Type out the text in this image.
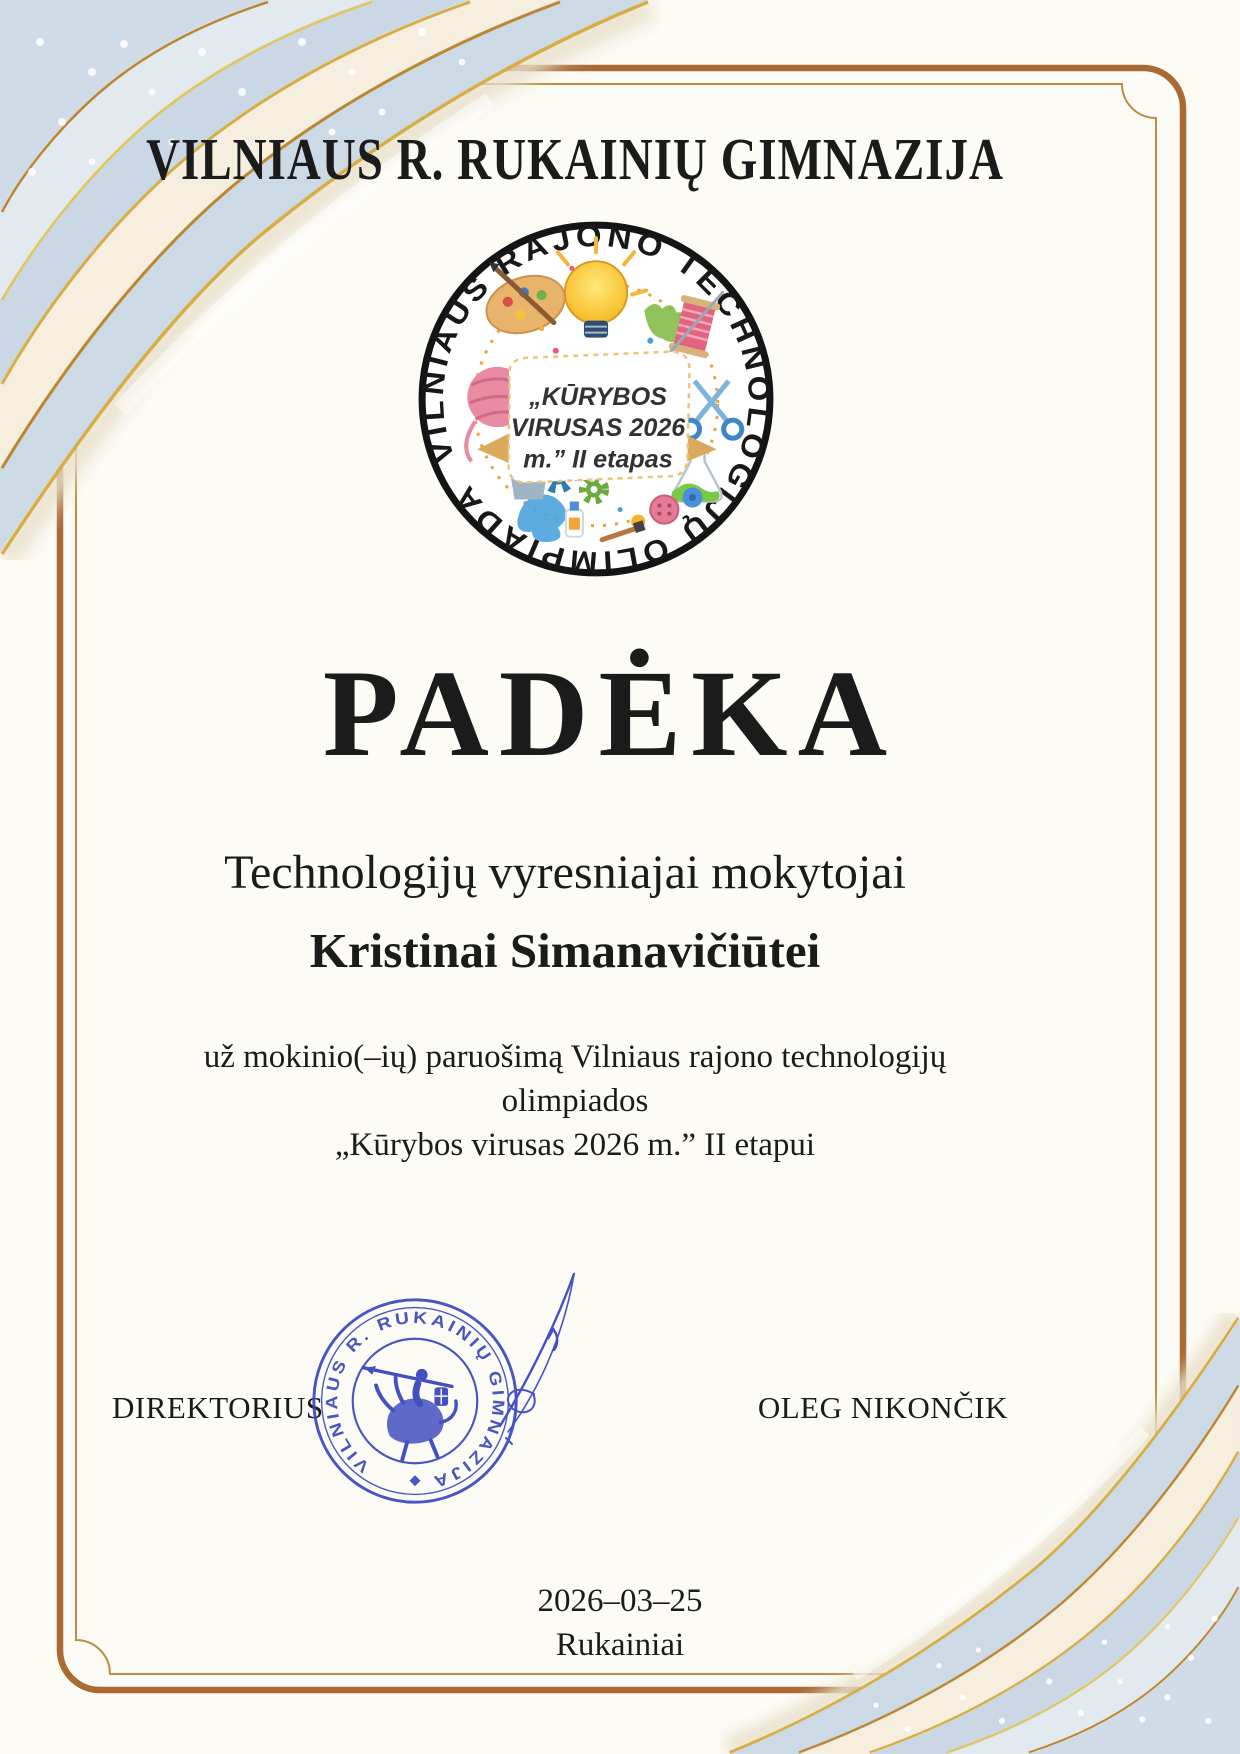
VILNIAUS R. RUKAINIŲ GIMNAZIJA
VILNIAUS RAJONO TECHNOLOGIJŲ OLIMPIADA
„KŪRYBOS
VIRUSAS 2026
m.” II etapas
PADĖKA
Technologijų vyresniajai mokytojai
Kristinai Simanavičiūtei
už mokinio(–ių) paruošimą Vilniaus rajono technologijų
olimpiados
„Kūrybos virusas 2026 m.” II etapui
DIREKTORIUS	OLEG NIKONČIK
VILNIAUS R. RUKAINIŲ GIMNAZIJA
2026–03–25
Rukainiai
